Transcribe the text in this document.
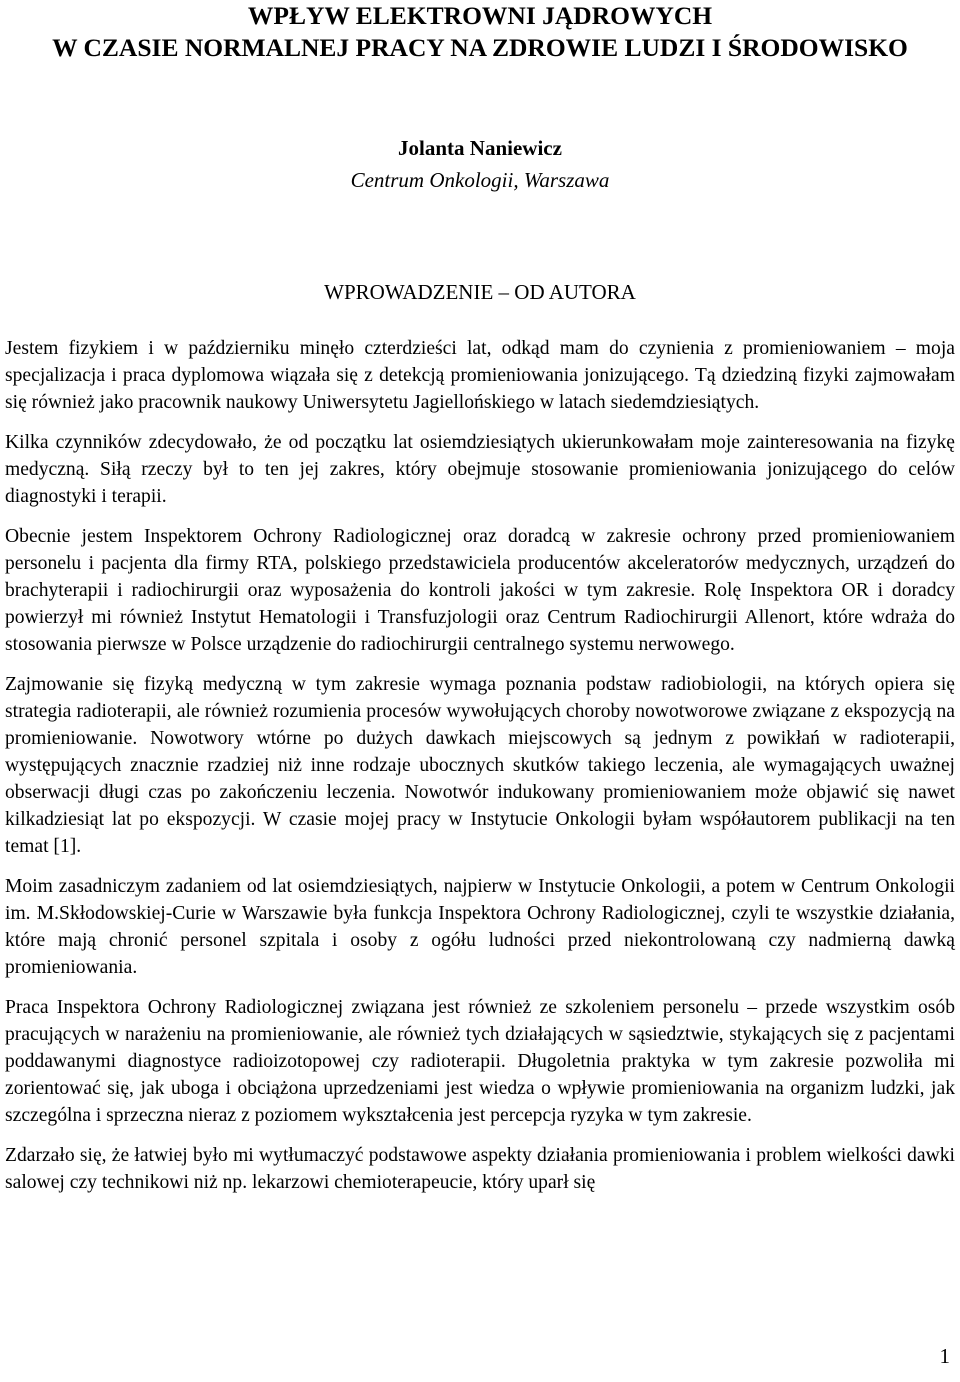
WPŁYW ELEKTROWNI JĄDROWYCH
W CZASIE NORMALNEJ PRACY NA ZDROWIE LUDZI I ŚRODOWISKO
Jolanta Naniewicz
Centrum Onkologii, Warszawa
WPROWADZENIE – OD AUTORA

Jestem fizykiem i w październiku minęło czterdzieści lat, odkąd mam do czynienia z promieniowaniem – moja specjalizacja i praca dyplomowa wiązała się z detekcją promieniowania jonizującego. Tą dziedziną fizyki zajmowałam się również jako pracownik naukowy Uniwersytetu Jagiellońskiego w latach siedemdziesiątych.

Kilka czynników zdecydowało, że od początku lat osiemdziesiątych ukierunkowałam moje zainteresowania na fizykę medyczną. Siłą rzeczy był to ten jej zakres, który obejmuje stosowanie promieniowania jonizującego do celów diagnostyki i terapii.

Obecnie jestem Inspektorem Ochrony Radiologicznej oraz doradcą w zakresie ochrony przed promieniowaniem personelu i pacjenta dla firmy RTA, polskiego przedstawiciela producentów akceleratorów medycznych, urządzeń do brachyterapii i radiochirurgii oraz wyposażenia do kontroli jakości w tym zakresie. Rolę Inspektora OR i doradcy powierzył mi również Instytut Hematologii i Transfuzjologii oraz Centrum Radiochirurgii Allenort, które wdraża do stosowania pierwsze w Polsce urządzenie do radiochirurgii centralnego systemu nerwowego.

Zajmowanie się fizyką medyczną w tym zakresie wymaga poznania podstaw radiobiologii, na których opiera się strategia radioterapii, ale również rozumienia procesów wywołujących choroby nowotworowe związane z ekspozycją na promieniowanie. Nowotwory wtórne po dużych dawkach miejscowych są jednym z powikłań w radioterapii, występujących znacznie rzadziej niż inne rodzaje ubocznych skutków takiego leczenia, ale wymagających uważnej obserwacji długi czas po zakończeniu leczenia. Nowotwór indukowany promieniowaniem może objawić się nawet kilkadziesiąt lat po ekspozycji. W czasie mojej pracy w Instytucie Onkologii byłam współautorem publikacji na ten temat [1].

Moim zasadniczym zadaniem od lat osiemdziesiątych, najpierw w Instytucie Onkologii, a potem w Centrum Onkologii im. M.Skłodowskiej-Curie w Warszawie była funkcja Inspektora Ochrony Radiologicznej, czyli te wszystkie działania, które mają chronić personel szpitala i osoby z ogółu ludności przed niekontrolowaną czy nadmierną dawką promieniowania.

Praca Inspektora Ochrony Radiologicznej związana jest również ze szkoleniem personelu – przede wszystkim osób pracujących w narażeniu na promieniowanie, ale również tych działających w sąsiedztwie, stykających się z pacjentami poddawanymi diagnostyce radioizotopowej czy radioterapii. Długoletnia praktyka w tym zakresie pozwoliła mi zorientować się, jak uboga i obciążona uprzedzeniami jest wiedza o wpływie promieniowania na organizm ludzki, jak szczególna i sprzeczna nieraz z poziomem wykształcenia jest percepcja ryzyka w tym zakresie.

Zdarzało się, że łatwiej było mi wytłumaczyć podstawowe aspekty działania promieniowania i problem wielkości dawki salowej czy technikowi niż np. lekarzowi chemioterapeucie, który uparł się

1
